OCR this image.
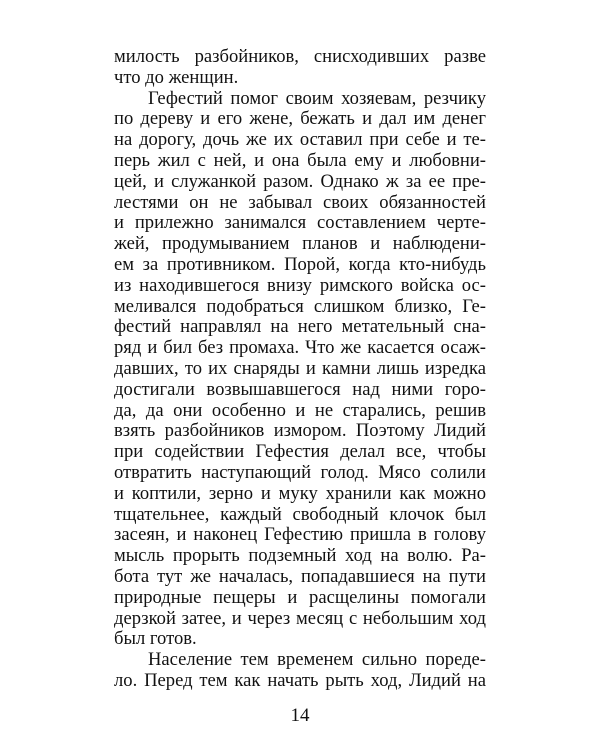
милость разбойников, снисходивших разве
что до женщин.
Гефестий помог своим хозяевам, резчику
по дереву и его жене, бежать и дал им денег
на дорогу, дочь же их оставил при себе и те-
перь жил с ней, и она была ему и любовни-
цей, и служанкой разом. Однако ж за ее пре-
лестями он не забывал своих обязанностей
и прилежно занимался составлением черте-
жей, продумыванием планов и наблюдени-
ем за противником. Порой, когда кто-нибудь
из находившегося внизу римского войска ос-
меливался подобраться слишком близко, Ге-
фестий направлял на него метательный сна-
ряд и бил без промаха. Что же касается осаж-
давших, то их снаряды и камни лишь изредка
достигали возвышавшегося над ними горо-
да, да они особенно и не старались, решив
взять разбойников измором. Поэтому Лидий
при содействии Гефестия делал все, чтобы
отвратить наступающий голод. Мясо солили
и коптили, зерно и муку хранили как можно
тщательнее, каждый свободный клочок был
засеян, и наконец Гефестию пришла в голову
мысль прорыть подземный ход на волю. Ра-
бота тут же началась, попадавшиеся на пути
природные пещеры и расщелины помогали
дерзкой затее, и через месяц с небольшим ход
был готов.
Население тем временем сильно пореде-
ло. Перед тем как начать рыть ход, Лидий на
14
